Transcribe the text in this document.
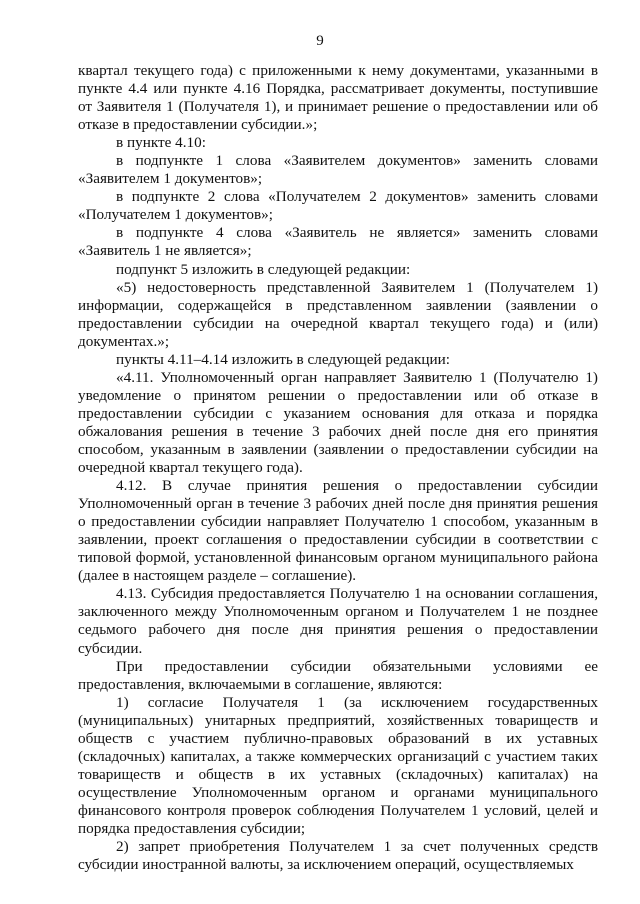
9

квартал текущего года) с приложенными к нему документами, указанными в пункте 4.4 или пункте 4.16 Порядка, рассматривает документы, поступившие от Заявителя 1 (Получателя 1), и принимает решение о предоставлении или об отказе в предоставлении субсидии.»;

в пункте 4.10:

в подпункте 1 слова «Заявителем документов» заменить словами «Заявителем 1 документов»;

в подпункте 2 слова «Получателем 2 документов» заменить словами «Получателем 1 документов»;

в подпункте 4 слова «Заявитель не является» заменить словами «Заявитель 1 не является»;

подпункт 5 изложить в следующей редакции:

«5) недостоверность представленной Заявителем 1 (Получателем 1) информации, содержащейся в представленном заявлении (заявлении о предоставлении субсидии на очередной квартал текущего года) и (или) документах.»;

пункты 4.11–4.14 изложить в следующей редакции:

«4.11. Уполномоченный орган направляет Заявителю 1 (Получателю 1) уведомление о принятом решении о предоставлении или об отказе в предоставлении субсидии с указанием основания для отказа и порядка обжалования решения в течение 3 рабочих дней после дня его принятия способом, указанным в заявлении (заявлении о предоставлении субсидии на очередной квартал текущего года).

4.12. В случае принятия решения о предоставлении субсидии Уполномоченный орган в течение 3 рабочих дней после дня принятия решения о предоставлении субсидии направляет Получателю 1 способом, указанным в заявлении, проект соглашения о предоставлении субсидии в соответствии с типовой формой, установленной финансовым органом муниципального района (далее в настоящем разделе – соглашение).

4.13. Субсидия предоставляется Получателю 1 на основании соглашения, заключенного между Уполномоченным органом и Получателем 1 не позднее седьмого рабочего дня после дня принятия решения о предоставлении субсидии.

При предоставлении субсидии обязательными условиями ее предоставления, включаемыми в соглашение, являются:

1) согласие Получателя 1 (за исключением государственных (муниципальных) унитарных предприятий, хозяйственных товариществ и обществ с участием публично-правовых образований в их уставных (складочных) капиталах, а также коммерческих организаций с участием таких товариществ и обществ в их уставных (складочных) капиталах) на осуществление Уполномоченным органом и органами муниципального финансового контроля проверок соблюдения Получателем 1 условий, целей и порядка предоставления субсидии;

2) запрет приобретения Получателем 1 за счет полученных средств субсидии иностранной валюты, за исключением операций, осуществляемых
